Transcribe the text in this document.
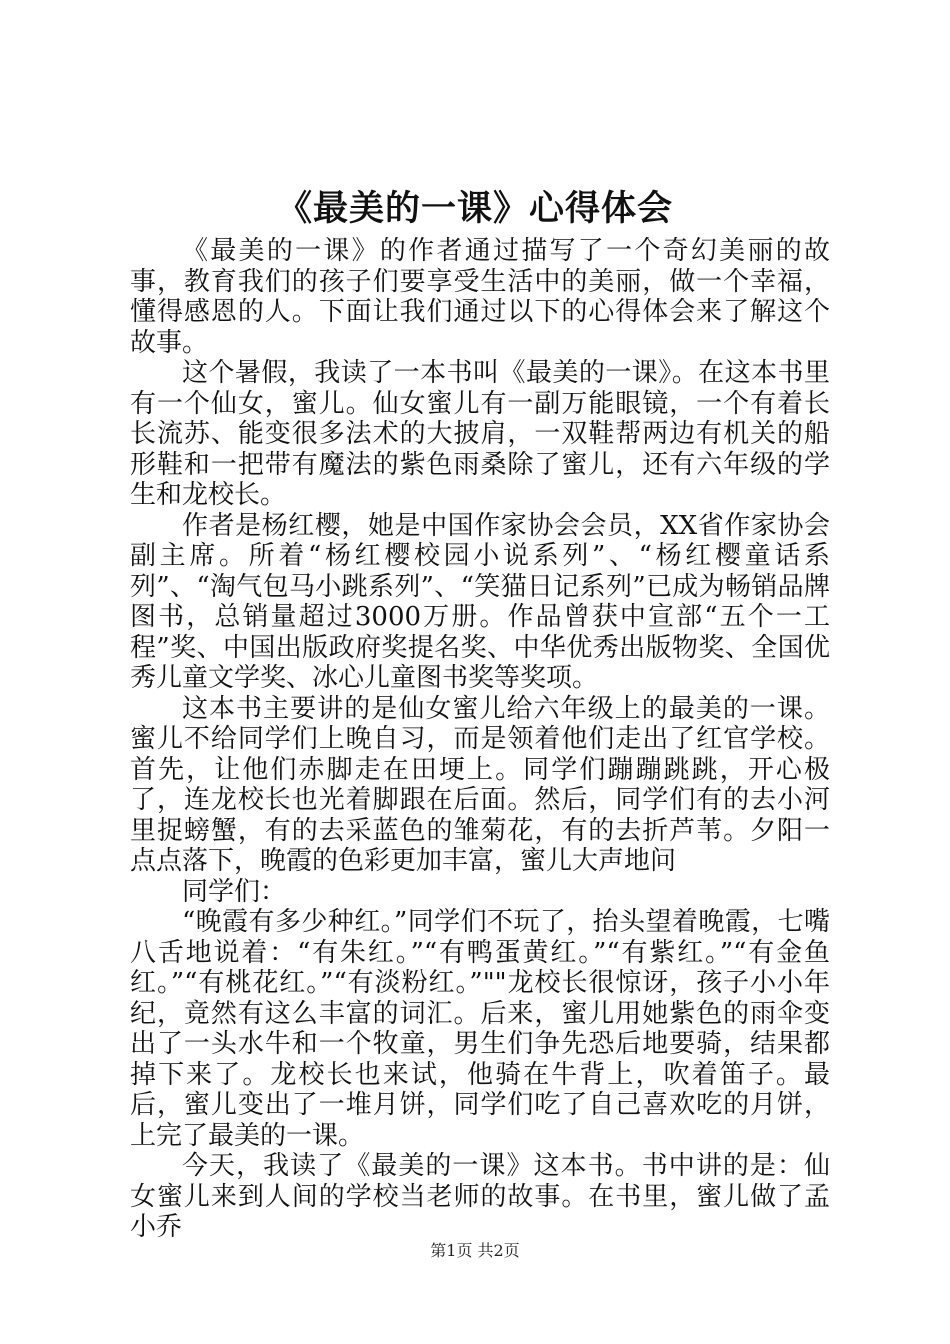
《最美的一课》心得体会

《最美的一课》的作者通过描写了一个奇幻美丽的故事，教育我们的孩子们要享受生活中的美丽，做一个幸福，懂得感恩的人。下面让我们通过以下的心得体会来了解这个故事。

这个暑假，我读了一本书叫《最美的一课》。在这本书里有一个仙女，蜜儿。仙女蜜儿有一副万能眼镜，一个有着长长流苏、能变很多法术的大披肩，一双鞋帮两边有机关的船形鞋和一把带有魔法的紫色雨桑除了蜜儿，还有六年级的学生和龙校长。

作者是杨红樱，她是中国作家协会会员，XX省作家协会副主席。所着“杨红樱校园小说系列”、“杨红樱童话系列”、“淘气包马小跳系列”、“笑猫日记系列”已成为畅销品牌图书，总销量超过3000万册。作品曾获中宣部“五个一工程”奖、中国出版政府奖提名奖、中华优秀出版物奖、全国优秀儿童文学奖、冰心儿童图书奖等奖项。

这本书主要讲的是仙女蜜儿给六年级上的最美的一课。蜜儿不给同学们上晚自习，而是领着他们走出了红官学校。首先，让他们赤脚走在田埂上。同学们蹦蹦跳跳，开心极了，连龙校长也光着脚跟在后面。然后，同学们有的去小河里捉螃蟹，有的去采蓝色的雏菊花，有的去折芦苇。夕阳一点点落下，晚霞的色彩更加丰富，蜜儿大声地问

同学们：

“晚霞有多少种红。”同学们不玩了，抬头望着晚霞，七嘴八舌地说着：“有朱红。”“有鸭蛋黄红。”“有紫红。”“有金鱼红。”“有桃花红。”“有淡粉红。”""龙校长很惊讶，孩子小小年纪，竟然有这么丰富的词汇。后来，蜜儿用她紫色的雨伞变出了一头水牛和一个牧童，男生们争先恐后地要骑，结果都掉下来了。龙校长也来试，他骑在牛背上，吹着笛子。最后，蜜儿变出了一堆月饼，同学们吃了自己喜欢吃的月饼，上完了最美的一课。

今天，我读了《最美的一课》这本书。书中讲的是：仙女蜜儿来到人间的学校当老师的故事。在书里，蜜儿做了孟小乔

第1页 共2页
